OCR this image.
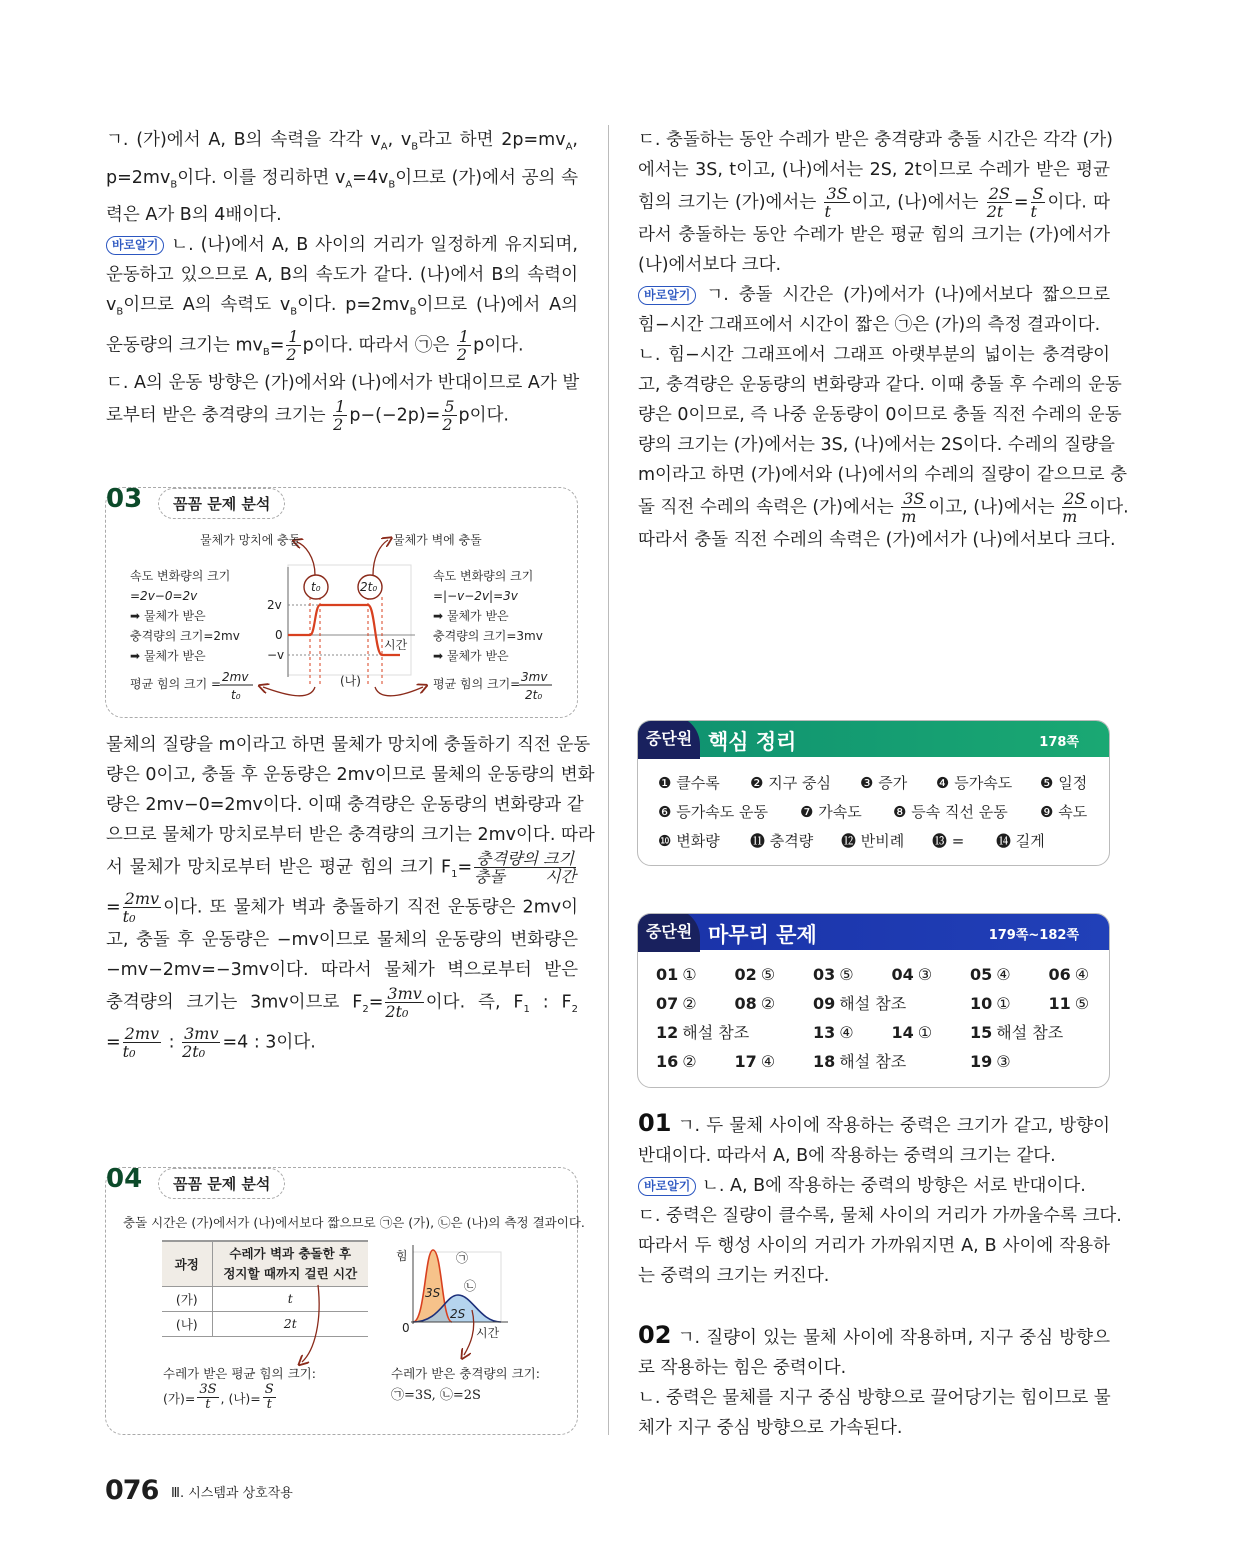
ㄱ. (가)에서 A, B의 속력을 각각 $v_A$, $v_B$라고 하면 $2p=mv_A$,
$p=2mv_B$이다. 이를 정리하면 $v_A=4v_B$이므로 (가)에서 공의 속
력은 A가 B의 4배이다.
바로알기 ㄴ. (나)에서 A, B 사이의 거리가 일정하게 유지되며,
운동하고 있으므로 A, B의 속도가 같다. (나)에서 B의 속력이
$v_B$이므로 A의 속력도 $v_B$이다. $p=2mv_B$이므로 (나)에서 A의
운동량의 크기는 $mv_B= \frac{1}{2}$ p이다. 따라서 ㉠은 $\frac{1}{2}$ p이다.
ㄷ. A의 운동 방향은 (가)에서와 (나)에서가 반대이므로 A가 발
로부터 받은 충격량의 크기는 $\frac{1}{2} p-(-2p)= \frac{5}{2}$ p이다.
03	꼼꼼 문제 분석
t₀	2t₀
2v
0
−v
시간
(나)
물체가 망치에 충돌	물체가 벽에 충돌
속도 변화량의 크기
=2v−0=2v
➡ 물체가 받은
충격량의 크기=2mv
➡ 물체가 받은
평균 힘의 크기 = 2mv
t₀
속도 변화량의 크기
=|−v−2v|=3v
➡ 물체가 받은
충격량의 크기=3mv
➡ 물체가 받은
평균 힘의 크기= 3mv
2t₀
물체의 질량을 m이라고 하면 물체가 망치에 충돌하기 직전 운동
량은 0이고, 충돌 후 운동량은 2mv이므로 물체의 운동량의 변화
량은 2mv−0=2mv이다. 이때 충격량은 운동량의 변화량과 같
으므로 물체가 망치로부터 받은 충격량의 크기는 2mv이다. 따라
서 물체가 망치로부터 받은 평균 힘의 크기 $F_1= \frac{\text{충격량의 크기}}{\text{충돌 시간}}$
= $\frac{2mv}{\text{t₀}}$ 이다. 또 물체가 벽과 충돌하기 직전 운동량은 2mv이
고, 충돌 후 운동량은 −mv이므로 물체의 운동량의 변화량은
−mv−2mv=−3mv이다. 따라서 물체가 벽으로부터 받은
충격량의 크기는 3mv이므로 $F_2= \frac{3mv}{\text{2t₀}}$ 이다. 즉, $F_1$ : $F_2$
= $\frac{2mv}{\text{t₀}}$ : $\frac{3mv}{\text{2t₀}} =4$ : 3이다.
04	꼼꼼 문제 분석
충돌 시간은 (가)에서가 (나)에서보다 짧으므로 ㉠은 (가), ㉡은 (나)의 측정 결과이다.
과정	수레가 벽과 충돌한 후
정지할 때까지 걸린 시간
(가)	t
(나)	2t
힘
0	시간
㉠
㉡
3S
2S
수레가 받은 평균 힘의 크기:
(가)= $\frac{3S}{t}$ , (나)= $\frac{S}{t}$
수레가 받은 충격량의 크기:
㉠=3S, ㉡=2S
ㄷ. 충돌하는 동안 수레가 받은 충격량과 충돌 시간은 각각 (가)
에서는 3S, t이고, (나)에서는 2S, 2t이므로 수레가 받은 평균
힘의 크기는 (가)에서는 $\frac{3S}{t}$ 이고, (나)에서는 $\frac{2S}{2t} = \frac{S}{t}$ 이다. 따
라서 충돌하는 동안 수레가 받은 평균 힘의 크기는 (가)에서가
(나)에서보다 크다.
바로알기 ㄱ. 충돌 시간은 (가)에서가 (나)에서보다 짧으므로
힘−시간 그래프에서 시간이 짧은 ㉠은 (가)의 측정 결과이다.
ㄴ. 힘−시간 그래프에서 그래프 아랫부분의 넓이는 충격량이
고, 충격량은 운동량의 변화량과 같다. 이때 충돌 후 수레의 운동
량은 0이므로, 즉 나중 운동량이 0이므로 충돌 직전 수레의 운동
량의 크기는 (가)에서는 3S, (나)에서는 2S이다. 수레의 질량을
m이라고 하면 (가)에서와 (나)에서의 수레의 질량이 같으므로 충
돌 직전 수레의 속력은 (가)에서는 $\frac{3S}{m}$ 이고, (나)에서는 $\frac{2S}{m}$ 이다.
따라서 충돌 직전 수레의 속력은 (가)에서가 (나)에서보다 크다.
중단원 핵심 정리	178쪽
❶ 클수록	❷ 지구 중심	❸ 증가	❹ 등가속도	❺ 일정
❻ 등가속도 운동	❼ 가속도	❽ 등속 직선 운동	❾ 속도
❿ 변화량	⓫ 충격량	⓬ 반비례	⓭ =	⓮ 길게
중단원 마무리 문제	179쪽~182쪽
01 ①	02 ⑤	03 ⑤	04 ③	05 ④	06 ④
07 ②	08 ②	09 해설 참조	10 ①	11 ⑤
12 해설 참조	13 ④	14 ①	15 해설 참조
16 ②	17 ④	18 해설 참조	19 ③
01 ㄱ. 두 물체 사이에 작용하는 중력은 크기가 같고, 방향이
반대이다. 따라서 A, B에 작용하는 중력의 크기는 같다.
바로알기 ㄴ. A, B에 작용하는 중력의 방향은 서로 반대이다.
ㄷ. 중력은 질량이 클수록, 물체 사이의 거리가 가까울수록 크다.
따라서 두 행성 사이의 거리가 가까워지면 A, B 사이에 작용하
는 중력의 크기는 커진다.
02 ㄱ. 질량이 있는 물체 사이에 작용하며, 지구 중심 방향으
로 작용하는 힘은 중력이다.
ㄴ. 중력은 물체를 지구 중심 방향으로 끌어당기는 힘이므로 물
체가 지구 중심 방향으로 가속된다.
076 Ⅲ. 시스템과 상호작용
